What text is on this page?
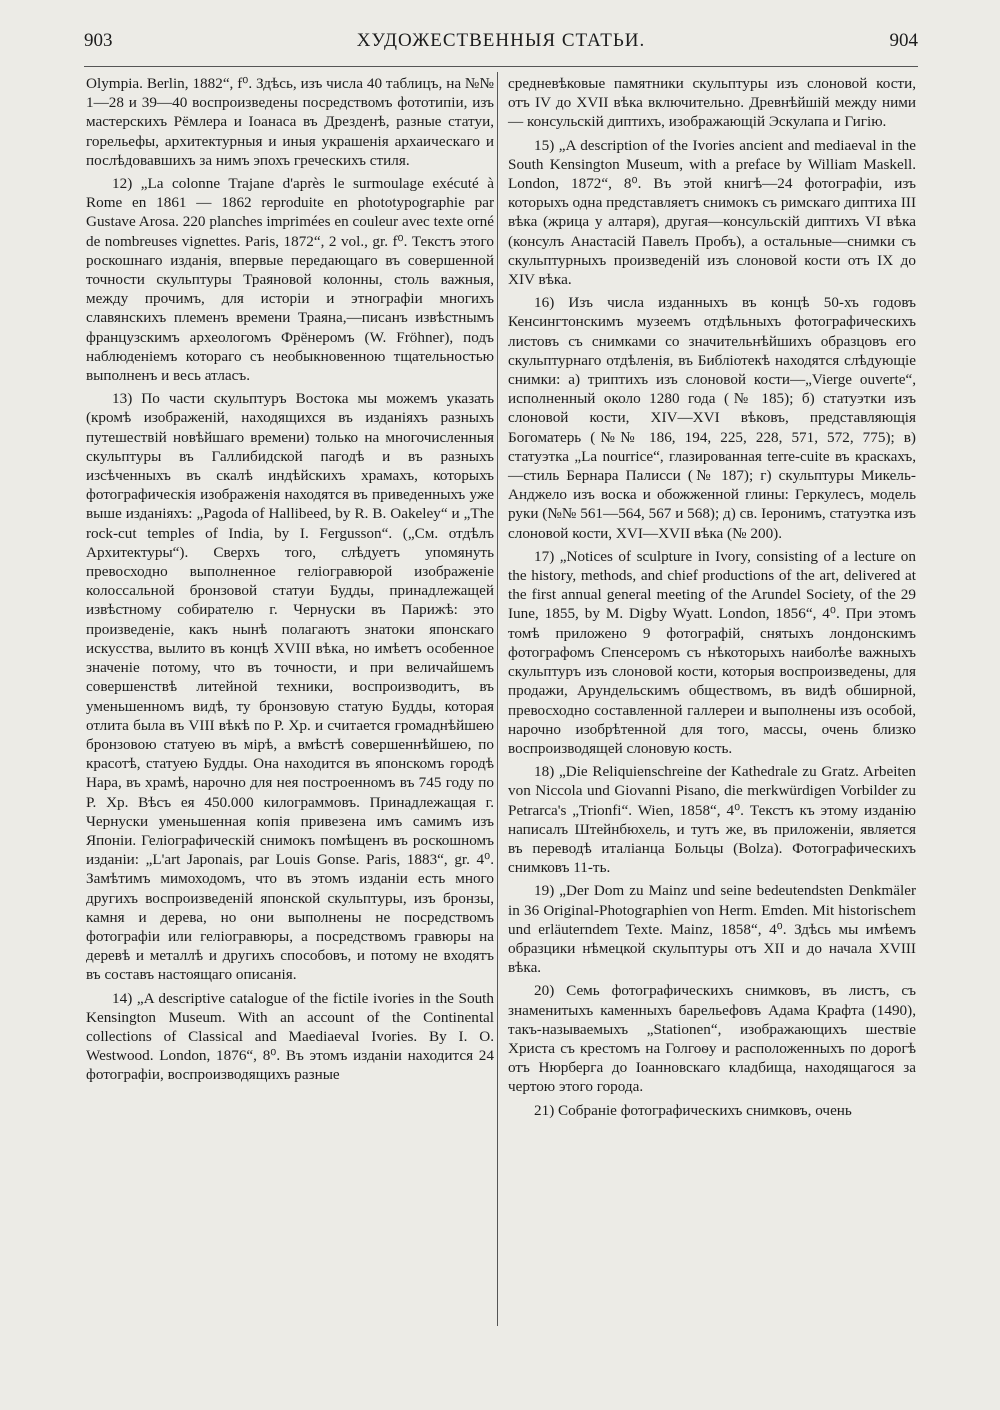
903	ХУДОЖЕСТВЕННЫЯ СТАТЬИ.	904

Olympia. Berlin, 1882“, f⁰. Здѣсь, изъ числа 40 таблицъ, на №№ 1—28 и 39—40 воспроизведены посредствомъ фототипіи, изъ мастерскихъ Рёмлера и Іоанаса въ Дрезденѣ, разные статуи, горельефы, архитектурныя и иныя украшенія архаическаго и послѣдовавшихъ за нимъ эпохъ греческихъ стиля.

12) „La colonne Trajane d'après le surmoulage exécuté à Rome en 1861 — 1862 reproduite en phototypographie par Gustave Arosa. 220 planches imprimées en couleur avec texte orné de nombreuses vignettes. Paris, 1872“, 2 vol., gr. f⁰. Текстъ этого роскошнаго изданія, впервые передающаго въ совершенной точности скульптуры Траяновой колонны, столь важныя, между прочимъ, для исторіи и этнографіи многихъ славянскихъ племенъ времени Траяна,—писанъ извѣстнымъ французскимъ археологомъ Фрёнеромъ (W. Fröhner), подъ наблюденіемъ котораго съ необыкновенною тщательностью выполненъ и весь атласъ.

13) По части скульптуръ Востока мы можемъ указать (кромѣ изображеній, находящихся въ изданіяхъ разныхъ путешествій новѣйшаго времени) только на многочисленныя скульптуры въ Галлибидской пагодѣ и въ разныхъ изсѣченныхъ въ скалѣ индѣйскихъ храмахъ, которыхъ фотографическія изображенія находятся въ приведенныхъ уже выше изданіяхъ: „Pagoda of Hallibeed, by R. B. Oakeley“ и „The rock-cut temples of India, by I. Fergusson“. („См. отдѣлъ Архитектуры“). Сверхъ того, слѣдуетъ упомянуть превосходно выполненное геліогравюрой изображеніе колоссальной бронзовой статуи Будды, принадлежащей извѣстному собирателю г. Чернуски въ Парижѣ: это произведеніе, какъ нынѣ полагаютъ знатоки японскаго искусства, вылито въ концѣ XVIII вѣка, но имѣетъ особенное значеніе потому, что въ точности, и при величайшемъ совершенствѣ литейной техники, воспроизводитъ, въ уменьшенномъ видѣ, ту бронзовую статую Будды, которая отлита была въ VIII вѣкѣ по Р. Хр. и считается громаднѣйшею бронзовою статуею въ мірѣ, а вмѣстѣ совершеннѣйшею, по красотѣ, статуею Будды. Она находится въ японскомъ городѣ Нара, въ храмѣ, нарочно для нея построенномъ въ 745 году по Р. Хр. Вѣсъ ея 450.000 килограммовъ. Принадлежащая г. Чернуски уменьшенная копія привезена имъ самимъ изъ Японіи. Геліографическій снимокъ помѣщенъ въ роскошномъ изданіи: „L'art Japonais, par Louis Gonse. Paris, 1883“, gr. 4⁰. Замѣтимъ мимоходомъ, что въ этомъ изданіи есть много другихъ воспроизведеній японской скульптуры, изъ бронзы, камня и дерева, но они выполнены не посредствомъ фотографіи или геліогравюры, а посредствомъ гравюры на деревѣ и металлѣ и другихъ способовъ, и потому не входятъ въ составъ настоящаго описанія.

14) „A descriptive catalogue of the fictile ivories in the South Kensington Museum. With an account of the Continental collections of Classical and Maediaeval Ivories. By I. O. Westwood. London, 1876“, 8⁰. Въ этомъ изданіи находится 24 фотографіи, воспроизводящихъ разные

средневѣковые памятники скульптуры изъ слоновой кости, отъ IV до XVII вѣка включительно. Древнѣйшій между ними — консульскій диптихъ, изображающій Эскулапа и Гигію.

15) „A description of the Ivories ancient and mediaeval in the South Kensington Museum, with a preface by William Maskell. London, 1872“, 8⁰. Въ этой книгѣ—24 фотографіи, изъ которыхъ одна представляетъ снимокъ съ римскаго диптиха III вѣка (жрица у алтаря), другая—консульскій диптихъ VI вѣка (консулъ Анастасій Павелъ Пробъ), а остальные—снимки съ скульптурныхъ произведеній изъ слоновой кости отъ IX до XIV вѣка.

16) Изъ числа изданныхъ въ концѣ 50-хъ годовъ Кенсингтонскимъ музеемъ отдѣльныхъ фотографическихъ листовъ съ снимками со значительнѣйшихъ образцовъ его скульптурнаго отдѣленія, въ Библіотекѣ находятся слѣдующіе снимки: а) триптихъ изъ слоновой кости—„Vierge ouverte“, исполненный около 1280 года (№ 185); б) статуэтки изъ слоновой кости, XIV—XVI вѣковъ, представляющія Богоматерь (№№ 186, 194, 225, 228, 571, 572, 775); в) статуэтка „La nourrice“, глазированная terre-cuite въ краскахъ,—стиль Бернара Палисси (№ 187); г) скульптуры Микель-Анджело изъ воска и обожженной глины: Геркулесъ, модель руки (№№ 561—564, 567 и 568); д) св. Іеронимъ, статуэтка изъ слоновой кости, XVI—XVII вѣка (№ 200).

17) „Notices of sculpture in Ivory, consisting of a lecture on the history, methods, and chief productions of the art, delivered at the first annual general meeting of the Arundel Society, of the 29 Iune, 1855, by M. Digby Wyatt. London, 1856“, 4⁰. При этомъ томѣ приложено 9 фотографій, снятыхъ лондонскимъ фотографомъ Спенсеромъ съ нѣкоторыхъ наиболѣе важныхъ скульптуръ изъ слоновой кости, которыя воспроизведены, для продажи, Арундельскимъ обществомъ, въ видѣ обширной, превосходно составленной галлереи и выполнены изъ особой, нарочно изобрѣтенной для того, массы, очень близко воспроизводящей слоновую кость.

18) „Die Reliquienschreine der Kathedrale zu Gratz. Arbeiten von Niccola und Giovanni Pisano, die merkwürdigen Vorbilder zu Petrarca's „Trionfi“. Wien, 1858“, 4⁰. Текстъ къ этому изданію написалъ Штейнбюхель, и тутъ же, въ приложеніи, является въ переводѣ италіанца Больцы (Bolza). Фотографическихъ снимковъ 11-ть.

19) „Der Dom zu Mainz und seine bedeutendsten Denkmäler in 36 Original-Photographien von Herm. Emden. Mit historischem und erläuterndem Texte. Mainz, 1858“, 4⁰. Здѣсь мы имѣемъ образцики нѣмецкой скульптуры отъ XII и до начала XVIII вѣка.

20) Семь фотографическихъ снимковъ, въ листъ, съ знаменитыхъ каменныхъ барельефовъ Адама Крафта (1490), такъ-называемыхъ „Stationen“, изображающихъ шествіе Христа съ крестомъ на Голгоѳу и расположенныхъ по дорогѣ отъ Нюрберга до Іоанновскаго кладбища, находящагося за чертою этого города.

21) Собраніе фотографическихъ снимковъ, очень
